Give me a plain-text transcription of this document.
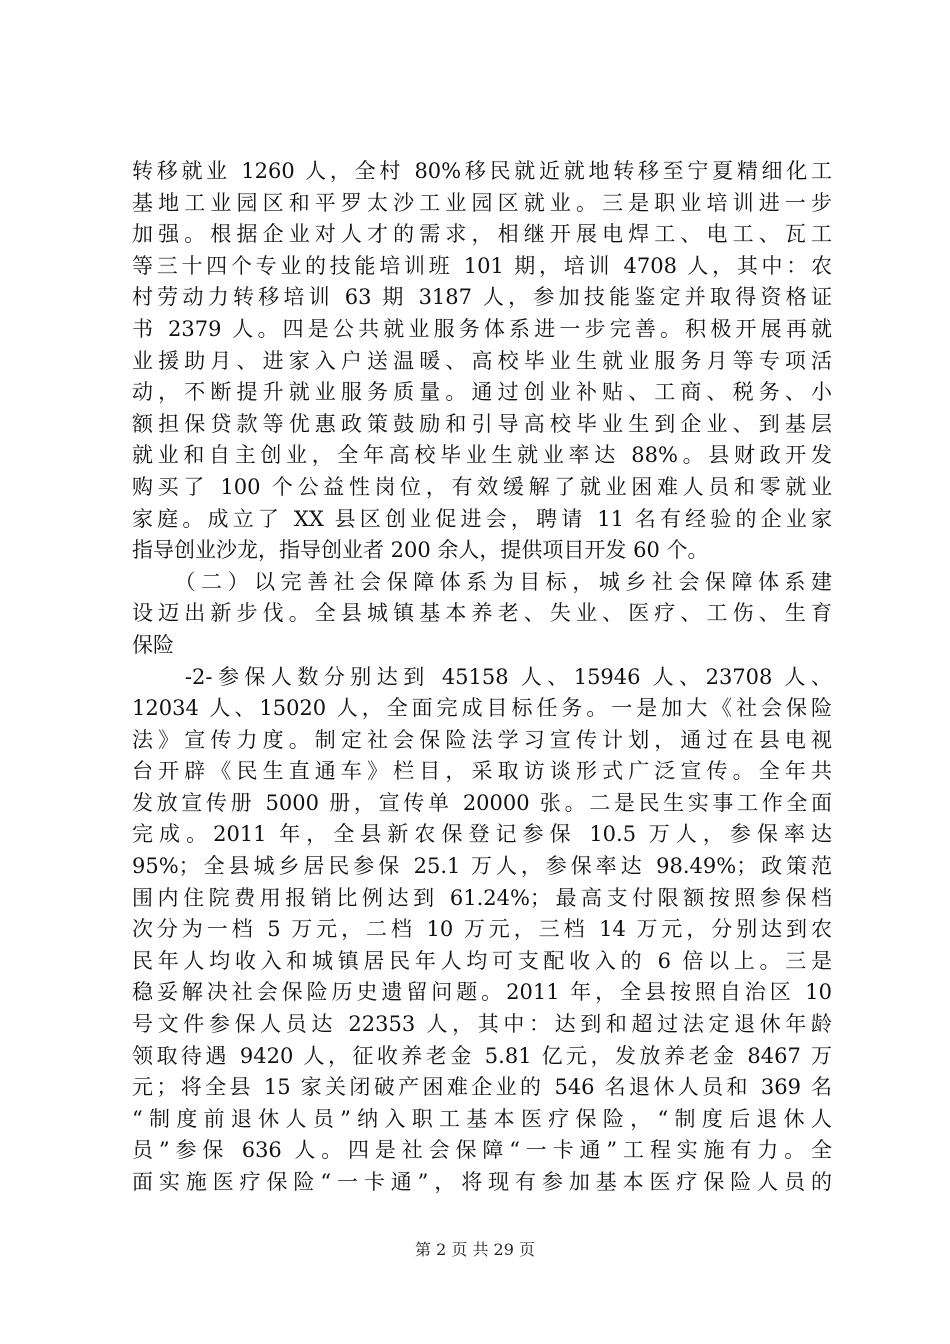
转移就业 1260 人，全村 80%移民就近就地转移至宁夏精细化工
基地工业园区和平罗太沙工业园区就业。三是职业培训进一步
加强。根据企业对人才的需求，相继开展电焊工、电工、瓦工
等三十四个专业的技能培训班 101 期，培训 4708 人，其中：农
村劳动力转移培训 63 期 3187 人，参加技能鉴定并取得资格证
书 2379 人。四是公共就业服务体系进一步完善。积极开展再就
业援助月、进家入户送温暖、高校毕业生就业服务月等专项活
动，不断提升就业服务质量。通过创业补贴、工商、税务、小
额担保贷款等优惠政策鼓励和引导高校毕业生到企业、到基层
就业和自主创业，全年高校毕业生就业率达 88%。县财政开发
购买了 100 个公益性岗位，有效缓解了就业困难人员和零就业
家庭。成立了 XX 县区创业促进会，聘请 11 名有经验的企业家
指导创业沙龙，指导创业者 200 余人，提供项目开发 60 个。
　　（二）以完善社会保障体系为目标，城乡社会保障体系建
设迈出新步伐。全县城镇基本养老、失业、医疗、工伤、生育
保险
　　-2-参保人数分别达到 45158 人、15946 人、23708 人、
12034 人、15020 人，全面完成目标任务。一是加大《社会保险
法》宣传力度。制定社会保险法学习宣传计划，通过在县电视
台开辟《民生直通车》栏目，采取访谈形式广泛宣传。全年共
发放宣传册 5000 册，宣传单 20000 张。二是民生实事工作全面
完成。2011 年，全县新农保登记参保 10.5 万人，参保率达
95%；全县城乡居民参保 25.1 万人，参保率达 98.49%；政策范
围内住院费用报销比例达到 61.24%；最高支付限额按照参保档
次分为一档 5 万元，二档 10 万元，三档 14 万元，分别达到农
民年人均收入和城镇居民年人均可支配收入的 6 倍以上。三是
稳妥解决社会保险历史遗留问题。2011 年，全县按照自治区 10
号文件参保人员达 22353 人，其中：达到和超过法定退休年龄
领取待遇 9420 人，征收养老金 5.81 亿元，发放养老金 8467 万
元；将全县 15 家关闭破产困难企业的 546 名退休人员和 369 名
“制度前退休人员”纳入职工基本医疗保险，“制度后退休人
员”参保 636 人。四是社会保障“一卡通”工程实施有力。全
面实施医疗保险“一卡通”，将现有参加基本医疗保险人员的
第 2 页 共 29 页
